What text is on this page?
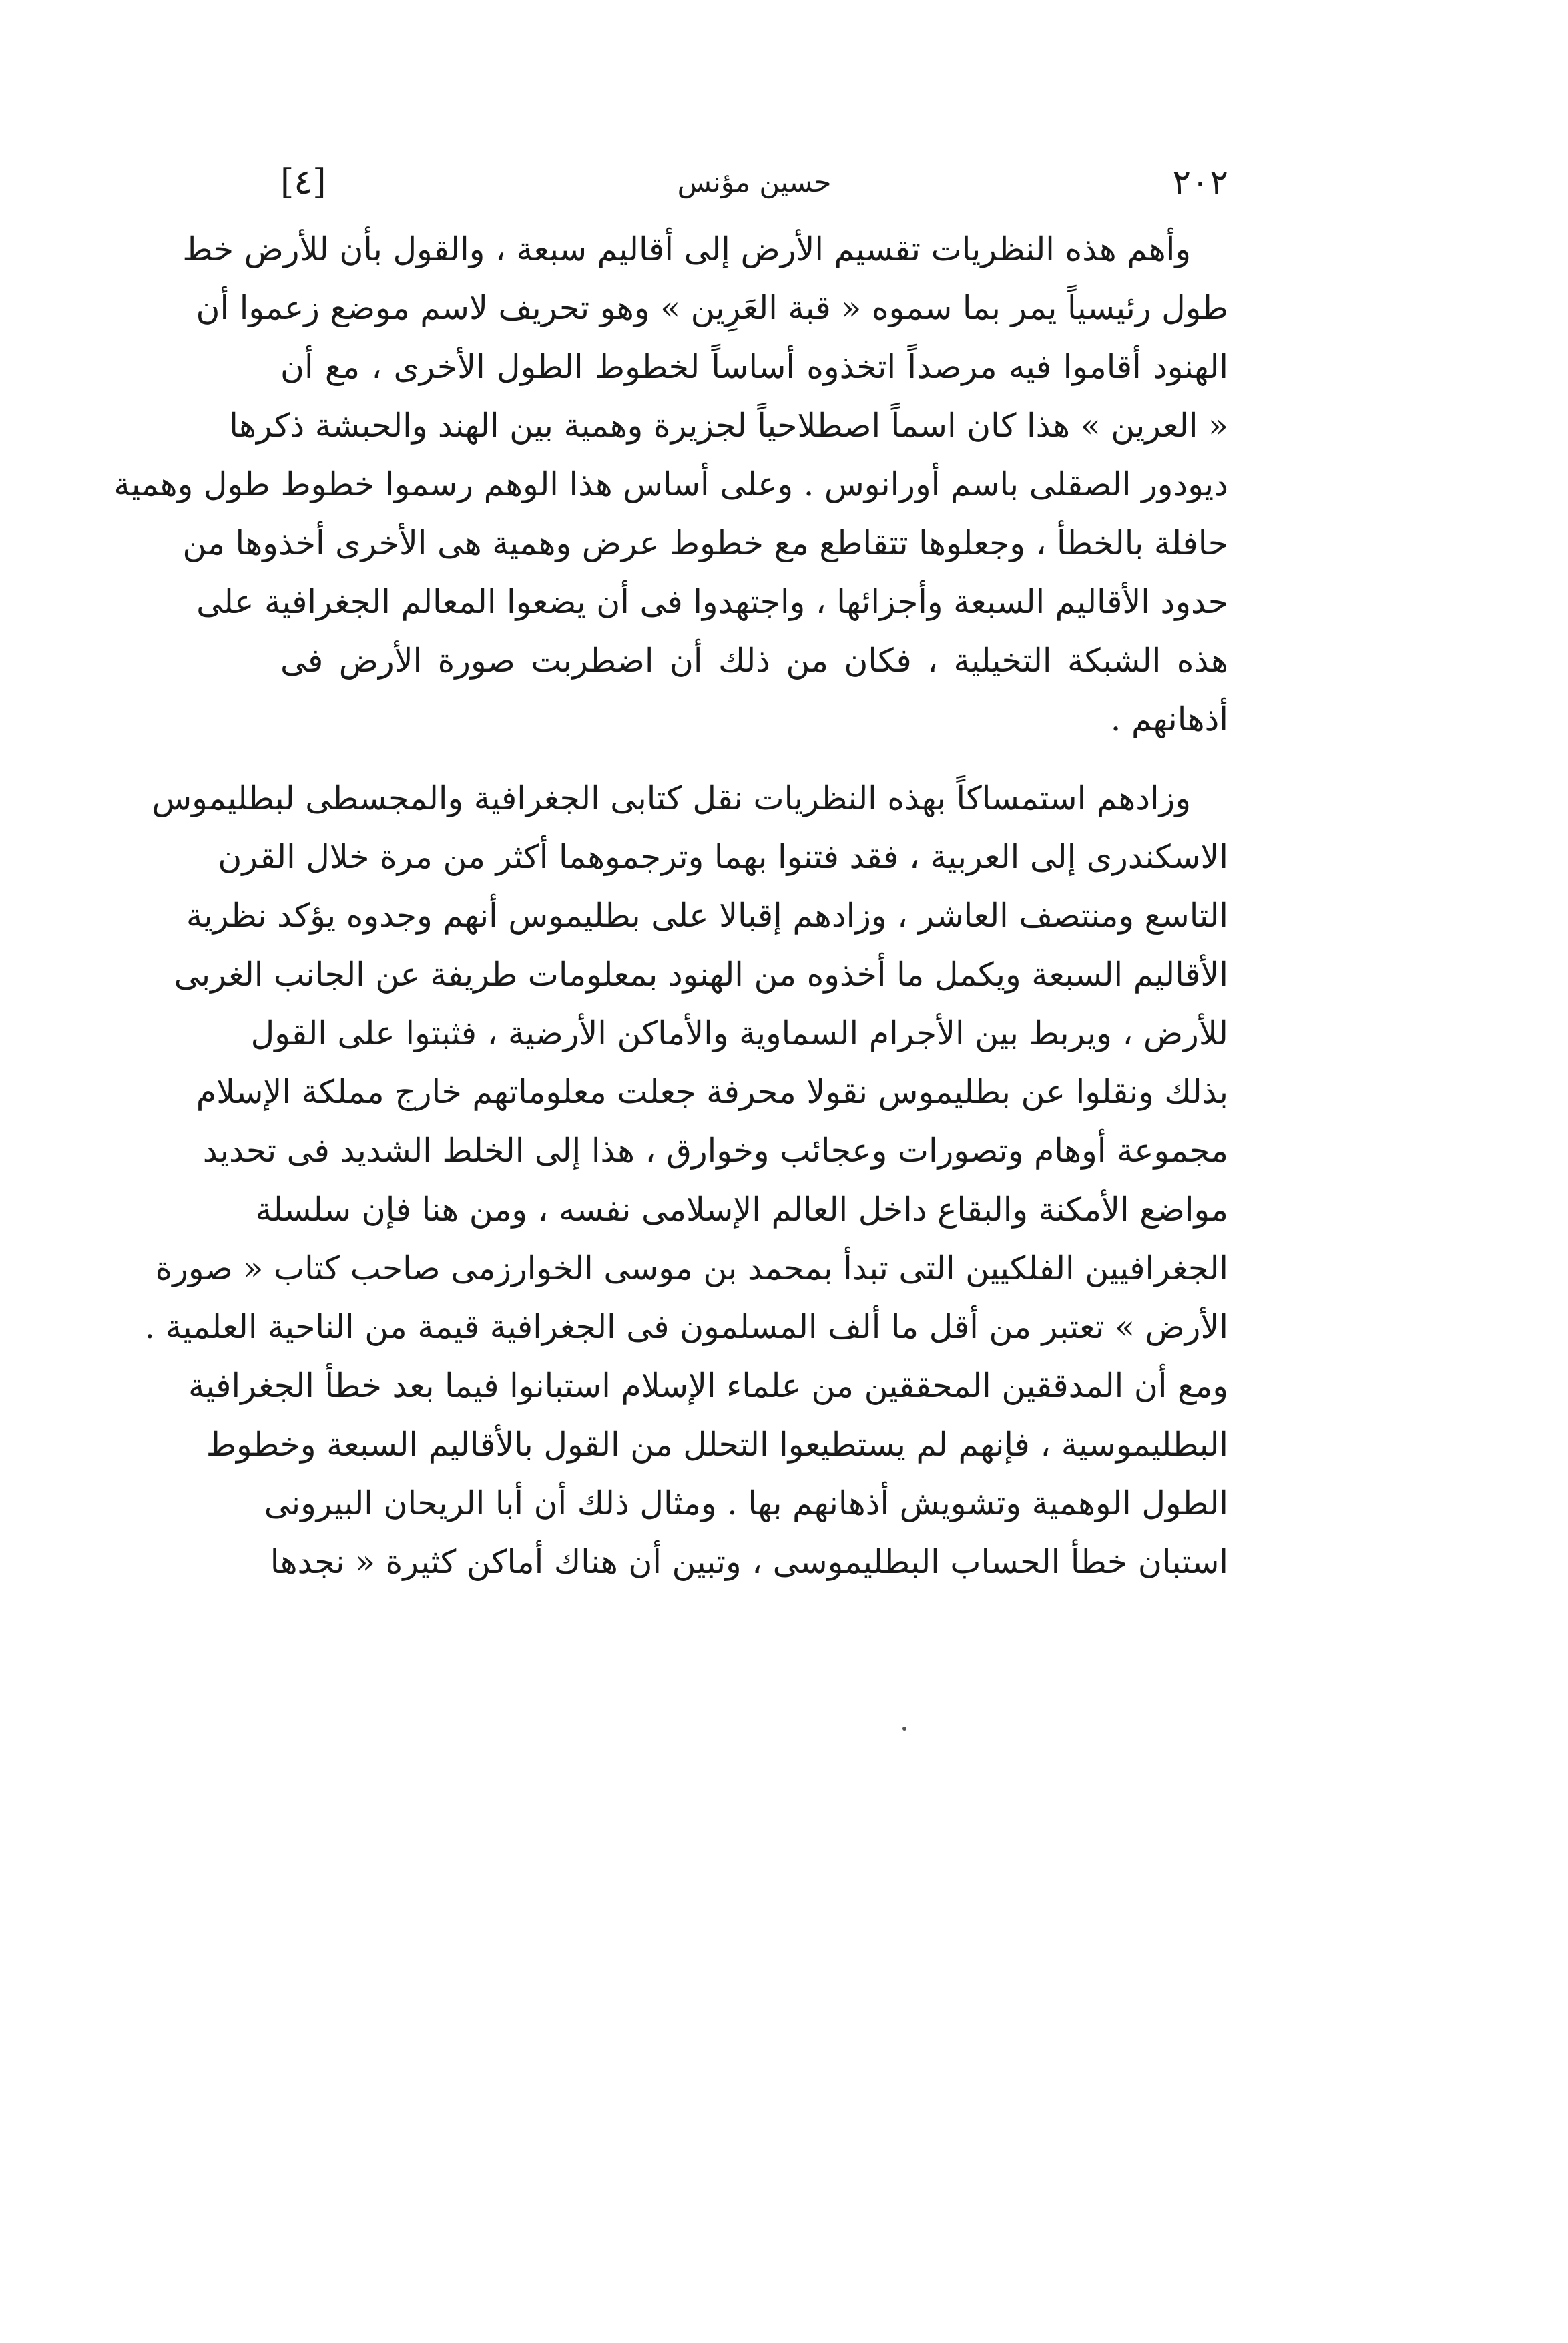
٢٠٢
حسين مؤنس
[٤]
وأهم هذه النظريات تقسيم الأرض إلى أقاليم سبعة ، والقول بأن للأرض خط
طول رئيسياً يمر بما سموه « قبة العَرِين » وهو تحريف لاسم موضع زعموا أن
الهنود أقاموا فيه مرصداً اتخذوه أساساً لخطوط الطول الأخرى ، مع أن
« العرين » هذا كان اسماً اصطلاحياً لجزيرة وهمية بين الهند والحبشة ذكرها
ديودور الصقلى باسم أورانوس . وعلى أساس هذا الوهم رسموا خطوط طول وهمية
حافلة بالخطأ ، وجعلوها تتقاطع مع خطوط عرض وهمية هى الأخرى أخذوها من
حدود الأقاليم السبعة وأجزائها ، واجتهدوا فى أن يضعوا المعالم الجغرافية على
هذه الشبكة التخيلية ، فكان من ذلك أن اضطربت صورة الأرض فى
أذهانهم .
وزادهم استمساكاً بهذه النظريات نقل كتابى الجغرافية والمجسطى لبطليموس
الاسكندرى إلى العربية ، فقد فتنوا بهما وترجموهما أكثر من مرة خلال القرن
التاسع ومنتصف العاشر ، وزادهم إقبالا على بطليموس أنهم وجدوه يؤكد نظرية
الأقاليم السبعة ويكمل ما أخذوه من الهنود بمعلومات طريفة عن الجانب الغربى
للأرض ، ويربط بين الأجرام السماوية والأماكن الأرضية ، فثبتوا على القول
بذلك ونقلوا عن بطليموس نقولا محرفة جعلت معلوماتهم خارج مملكة الإسلام
مجموعة أوهام وتصورات وعجائب وخوارق ، هذا إلى الخلط الشديد فى تحديد
مواضع الأمكنة والبقاع داخل العالم الإسلامى نفسه ، ومن هنا فإن سلسلة
الجغرافيين الفلكيين التى تبدأ بمحمد بن موسى الخوارزمى صاحب كتاب « صورة
الأرض » تعتبر من أقل ما ألف المسلمون فى الجغرافية قيمة من الناحية العلمية .
ومع أن المدققين المحققين من علماء الإسلام استبانوا فيما بعد خطأ الجغرافية
البطليموسية ، فإنهم لم يستطيعوا التحلل من القول بالأقاليم السبعة وخطوط
الطول الوهمية وتشويش أذهانهم بها . ومثال ذلك أن أبا الريحان البيرونى
استبان خطأ الحساب البطليموسى ، وتبين أن هناك أماكن كثيرة « نجدها
